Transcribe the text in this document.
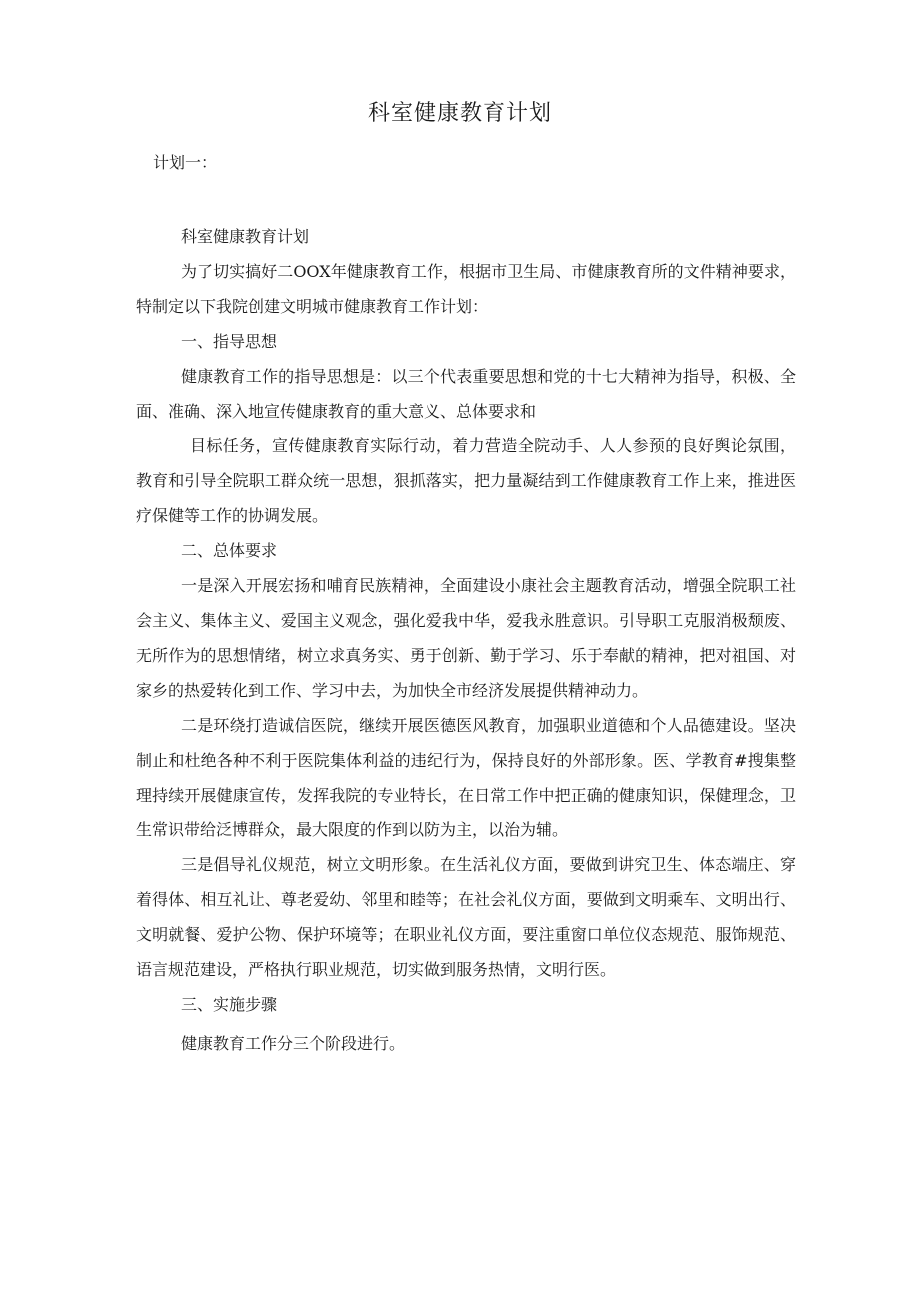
科室健康教育计划
计划一：

科室健康教育计划

为了切实搞好二OOX年健康教育工作，根据市卫生局、市健康教育所的文件精神要求，特制定以下我院创建文明城市健康教育工作计划：

一、指导思想

健康教育工作的指导思想是：以三个代表重要思想和党的十七大精神为指导，积极、全面、准确、深入地宣传健康教育的重大意义、总体要求和

目标任务，宣传健康教育实际行动，着力营造全院动手、人人参预的良好舆论氛围，教育和引导全院职工群众统一思想，狠抓落实，把力量凝结到工作健康教育工作上来，推进医疗保健等工作的协调发展。

二、总体要求

一是深入开展宏扬和哺育民族精神，全面建设小康社会主题教育活动，增强全院职工社会主义、集体主义、爱国主义观念，强化爱我中华，爱我永胜意识。引导职工克服消极颓废、无所作为的思想情绪，树立求真务实、勇于创新、勤于学习、乐于奉献的精神，把对祖国、对家乡的热爱转化到工作、学习中去，为加快全市经济发展提供精神动力。

二是环绕打造诚信医院，继续开展医德医风教育，加强职业道德和个人品德建设。坚决制止和杜绝各种不利于医院集体利益的违纪行为，保持良好的外部形象。医、学教育#搜集整理持续开展健康宣传，发挥我院的专业特长，在日常工作中把正确的健康知识，保健理念，卫生常识带给泛博群众，最大限度的作到以防为主，以治为辅。

三是倡导礼仪规范，树立文明形象。在生活礼仪方面，要做到讲究卫生、体态端庄、穿着得体、相互礼让、尊老爱幼、邻里和睦等；在社会礼仪方面，要做到文明乘车、文明出行、文明就餐、爱护公物、保护环境等；在职业礼仪方面，要注重窗口单位仪态规范、服饰规范、语言规范建设，严格执行职业规范，切实做到服务热情，文明行医。

三、实施步骤

健康教育工作分三个阶段进行。
